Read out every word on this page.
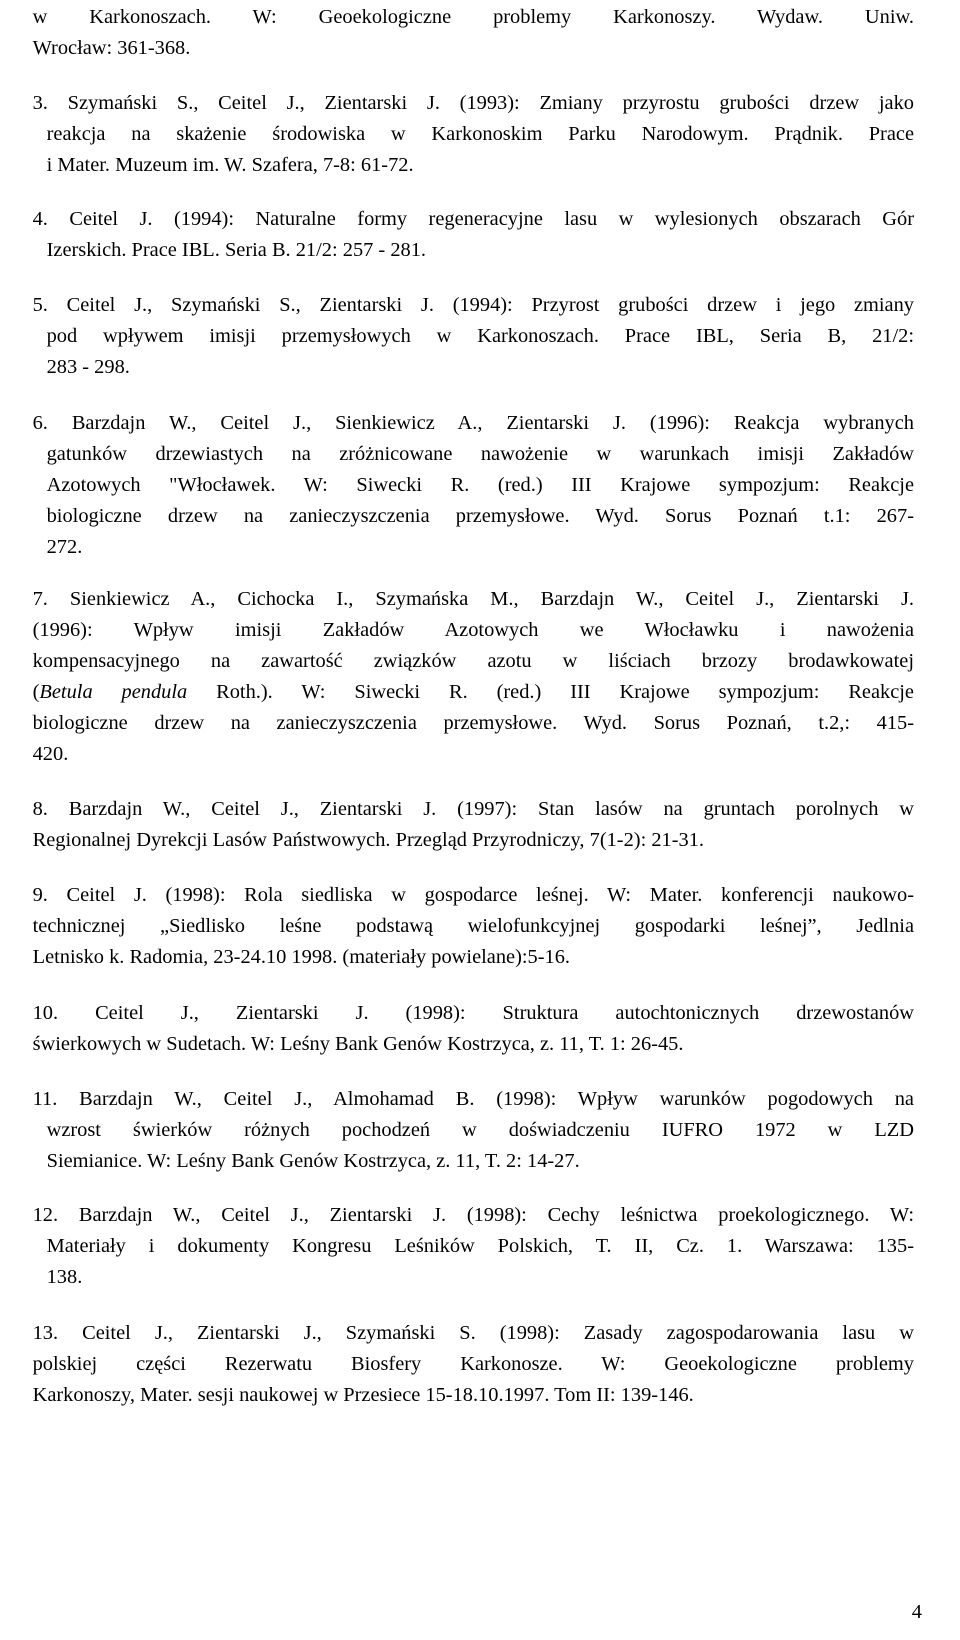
w Karkonoszach. W: Geoekologiczne problemy Karkonoszy. Wydaw. Uniw.
Wrocław: 361-368.
3. Szymański S., Ceitel J., Zientarski J. (1993): Zmiany przyrostu grubości drzew jako
reakcja na skażenie środowiska w Karkonoskim Parku Narodowym. Prądnik. Prace
i Mater. Muzeum im. W. Szafera, 7-8: 61-72.
4. Ceitel J. (1994): Naturalne formy regeneracyjne lasu w wylesionych obszarach Gór
Izerskich. Prace IBL. Seria B. 21/2: 257 - 281.
5. Ceitel J., Szymański S., Zientarski J. (1994): Przyrost grubości drzew i jego zmiany
pod wpływem imisji przemysłowych w Karkonoszach. Prace IBL, Seria B, 21/2:
283 - 298.
6. Barzdajn W., Ceitel J., Sienkiewicz A., Zientarski J. (1996): Reakcja wybranych
gatunków drzewiastych na zróżnicowane nawożenie w warunkach imisji Zakładów
Azotowych "Włocławek. W: Siwecki R. (red.) III Krajowe sympozjum: Reakcje
biologiczne drzew na zanieczyszczenia przemysłowe. Wyd. Sorus Poznań t.1: 267-
272.
7. Sienkiewicz A., Cichocka I., Szymańska M., Barzdajn W., Ceitel J., Zientarski J.
(1996): Wpływ imisji Zakładów Azotowych we Włocławku i nawożenia
kompensacyjnego na zawartość związków azotu w liściach brzozy brodawkowatej
(Betula pendula Roth.). W: Siwecki R. (red.) III Krajowe sympozjum: Reakcje
biologiczne drzew na zanieczyszczenia przemysłowe. Wyd. Sorus Poznań, t.2,: 415-
420.
8. Barzdajn W., Ceitel J., Zientarski J. (1997): Stan lasów na gruntach porolnych w
Regionalnej Dyrekcji Lasów Państwowych. Przegląd Przyrodniczy, 7(1-2): 21-31.
9. Ceitel J. (1998): Rola siedliska w gospodarce leśnej. W: Mater. konferencji naukowo-
technicznej „Siedlisko leśne podstawą wielofunkcyjnej gospodarki leśnej”, Jedlnia
Letnisko k. Radomia, 23-24.10 1998. (materiały powielane):5-16.
10. Ceitel J., Zientarski J. (1998): Struktura autochtonicznych drzewostanów
świerkowych w Sudetach. W: Leśny Bank Genów Kostrzyca, z. 11, T. 1: 26-45.
11. Barzdajn W., Ceitel J., Almohamad B. (1998): Wpływ warunków pogodowych na
wzrost świerków różnych pochodzeń w doświadczeniu IUFRO 1972 w LZD
Siemianice. W: Leśny Bank Genów Kostrzyca, z. 11, T. 2: 14-27.
12. Barzdajn W., Ceitel J., Zientarski J. (1998): Cechy leśnictwa proekologicznego. W:
Materiały i dokumenty Kongresu Leśników Polskich, T. II, Cz. 1. Warszawa: 135-
138.
13. Ceitel J., Zientarski J., Szymański S. (1998): Zasady zagospodarowania lasu w
polskiej części Rezerwatu Biosfery Karkonosze. W: Geoekologiczne problemy
Karkonoszy, Mater. sesji naukowej w Przesiece 15-18.10.1997. Tom II: 139-146.
4
